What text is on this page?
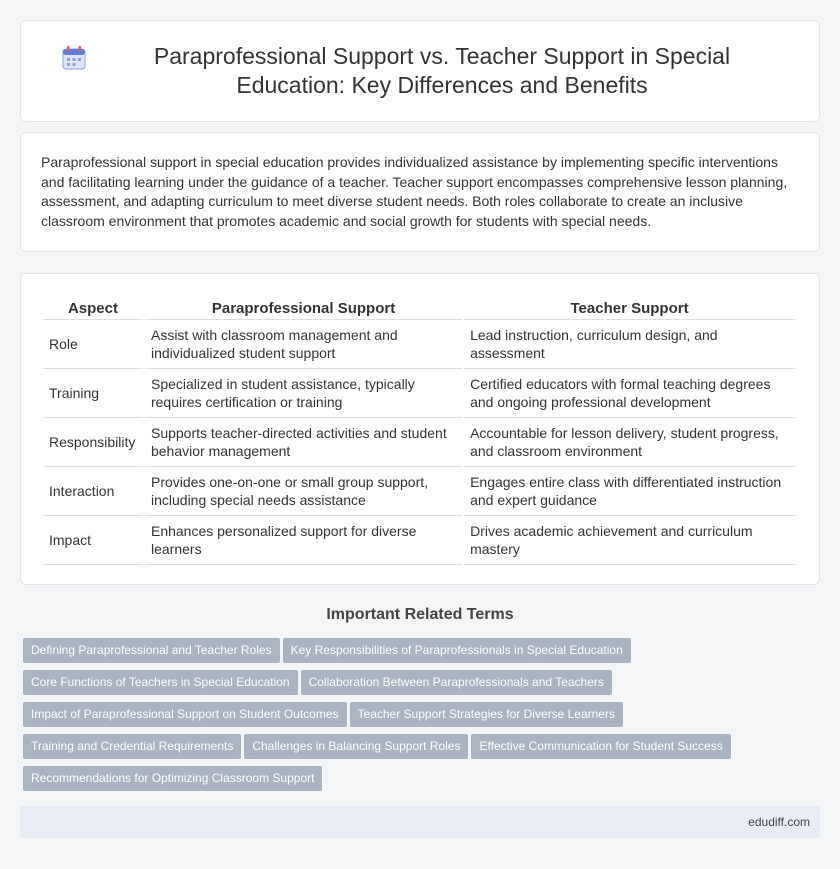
Paraprofessional Support vs. Teacher Support in Special Education: Key Differences and Benefits

Paraprofessional support in special education provides individualized assistance by implementing specific interventions and facilitating learning under the guidance of a teacher. Teacher support encompasses comprehensive lesson planning, assessment, and adapting curriculum to meet diverse student needs. Both roles collaborate to create an inclusive classroom environment that promotes academic and social growth for students with special needs.

Aspect	Paraprofessional Support	Teacher Support
Role	Assist with classroom management and individualized student support	Lead instruction, curriculum design, and assessment
Training	Specialized in student assistance, typically requires certification or training	Certified educators with formal teaching degrees and ongoing professional development
Responsibility	Supports teacher-directed activities and student behavior management	Accountable for lesson delivery, student progress, and classroom environment
Interaction	Provides one-on-one or small group support, including special needs assistance	Engages entire class with differentiated instruction and expert guidance
Impact	Enhances personalized support for diverse learners	Drives academic achievement and curriculum mastery
Important Related Terms
Defining Paraprofessional and Teacher Roles Key Responsibilities of Paraprofessionals in Special Education
Core Functions of Teachers in Special Education Collaboration Between Paraprofessionals and Teachers
Impact of Paraprofessional Support on Student Outcomes Teacher Support Strategies for Diverse Learners
Training and Credential Requirements Challenges in Balancing Support Roles Effective Communication for Student Success
Recommendations for Optimizing Classroom Support
edudiff.com
